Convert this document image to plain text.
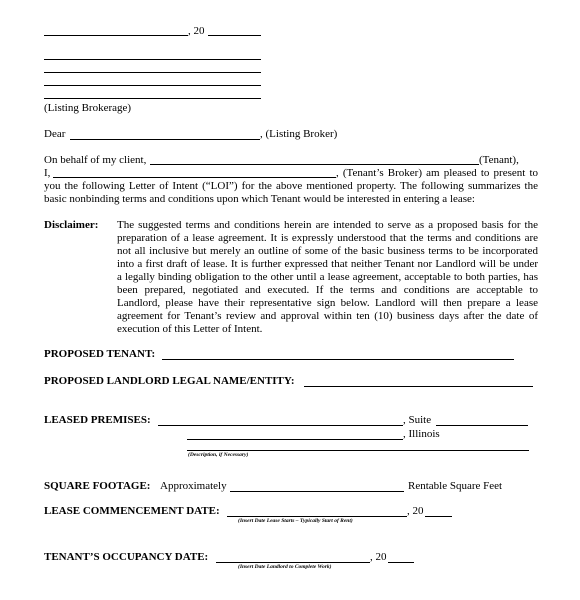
, 20
(Listing Brokerage)
Dear	, (Listing Broker)
On behalf of my client,	(Tenant),
I,	, (Tenant’s Broker) am pleased to present to
you the following Letter of Intent (“LOI”) for the above mentioned property. The following summarizes the
basic nonbinding terms and conditions upon which Tenant would be interested in entering a lease:
Disclaimer: The suggested terms and conditions herein are intended to serve as a proposed basis for the
preparation of a lease agreement. It is expressly understood that the terms and conditions are
not all inclusive but merely an outline of some of the basic business terms to be incorporated
into a first draft of lease. It is further expressed that neither Tenant nor Landlord will be under
a legally binding obligation to the other until a lease agreement, acceptable to both parties, has
been prepared, negotiated and executed. If the terms and conditions are acceptable to
Landlord, please have their representative sign below. Landlord will then prepare a lease
agreement for Tenant’s review and approval within ten (10) business days after the date of
execution of this Letter of Intent.
PROPOSED TENANT:
PROPOSED LANDLORD LEGAL NAME/ENTITY:
LEASED PREMISES:	, Suite
, Illinois
(Description, if Necessary)
SQUARE FOOTAGE: Approximately	Rentable Square Feet
LEASE COMMENCEMENT DATE:	, 20
(Insert Date Lease Starts – Typically Start of Rent)
TENANT’S OCCUPANCY DATE:	, 20
(Insert Date Landlord to Complete Work)
